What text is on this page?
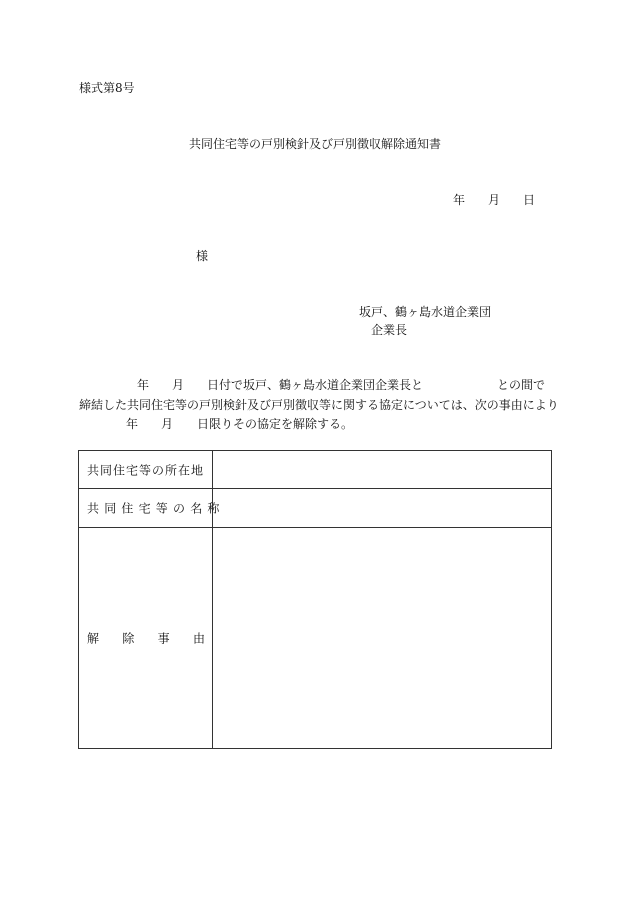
様式第8号
共同住宅等の戸別検針及び戸別徴収解除通知書
年 月 日
様
坂戸、鶴ヶ島水道企業団
企業長
年 月 日付で坂戸、鶴ヶ島水道企業団企業長と	との間で
締結した共同住宅等の戸別検針及び戸別徴収等に関する協定については、次の事由により
年 月 日限りその協定を解除する。
共同住宅等の所在地
共同住宅等の名称
解 除 事 由
